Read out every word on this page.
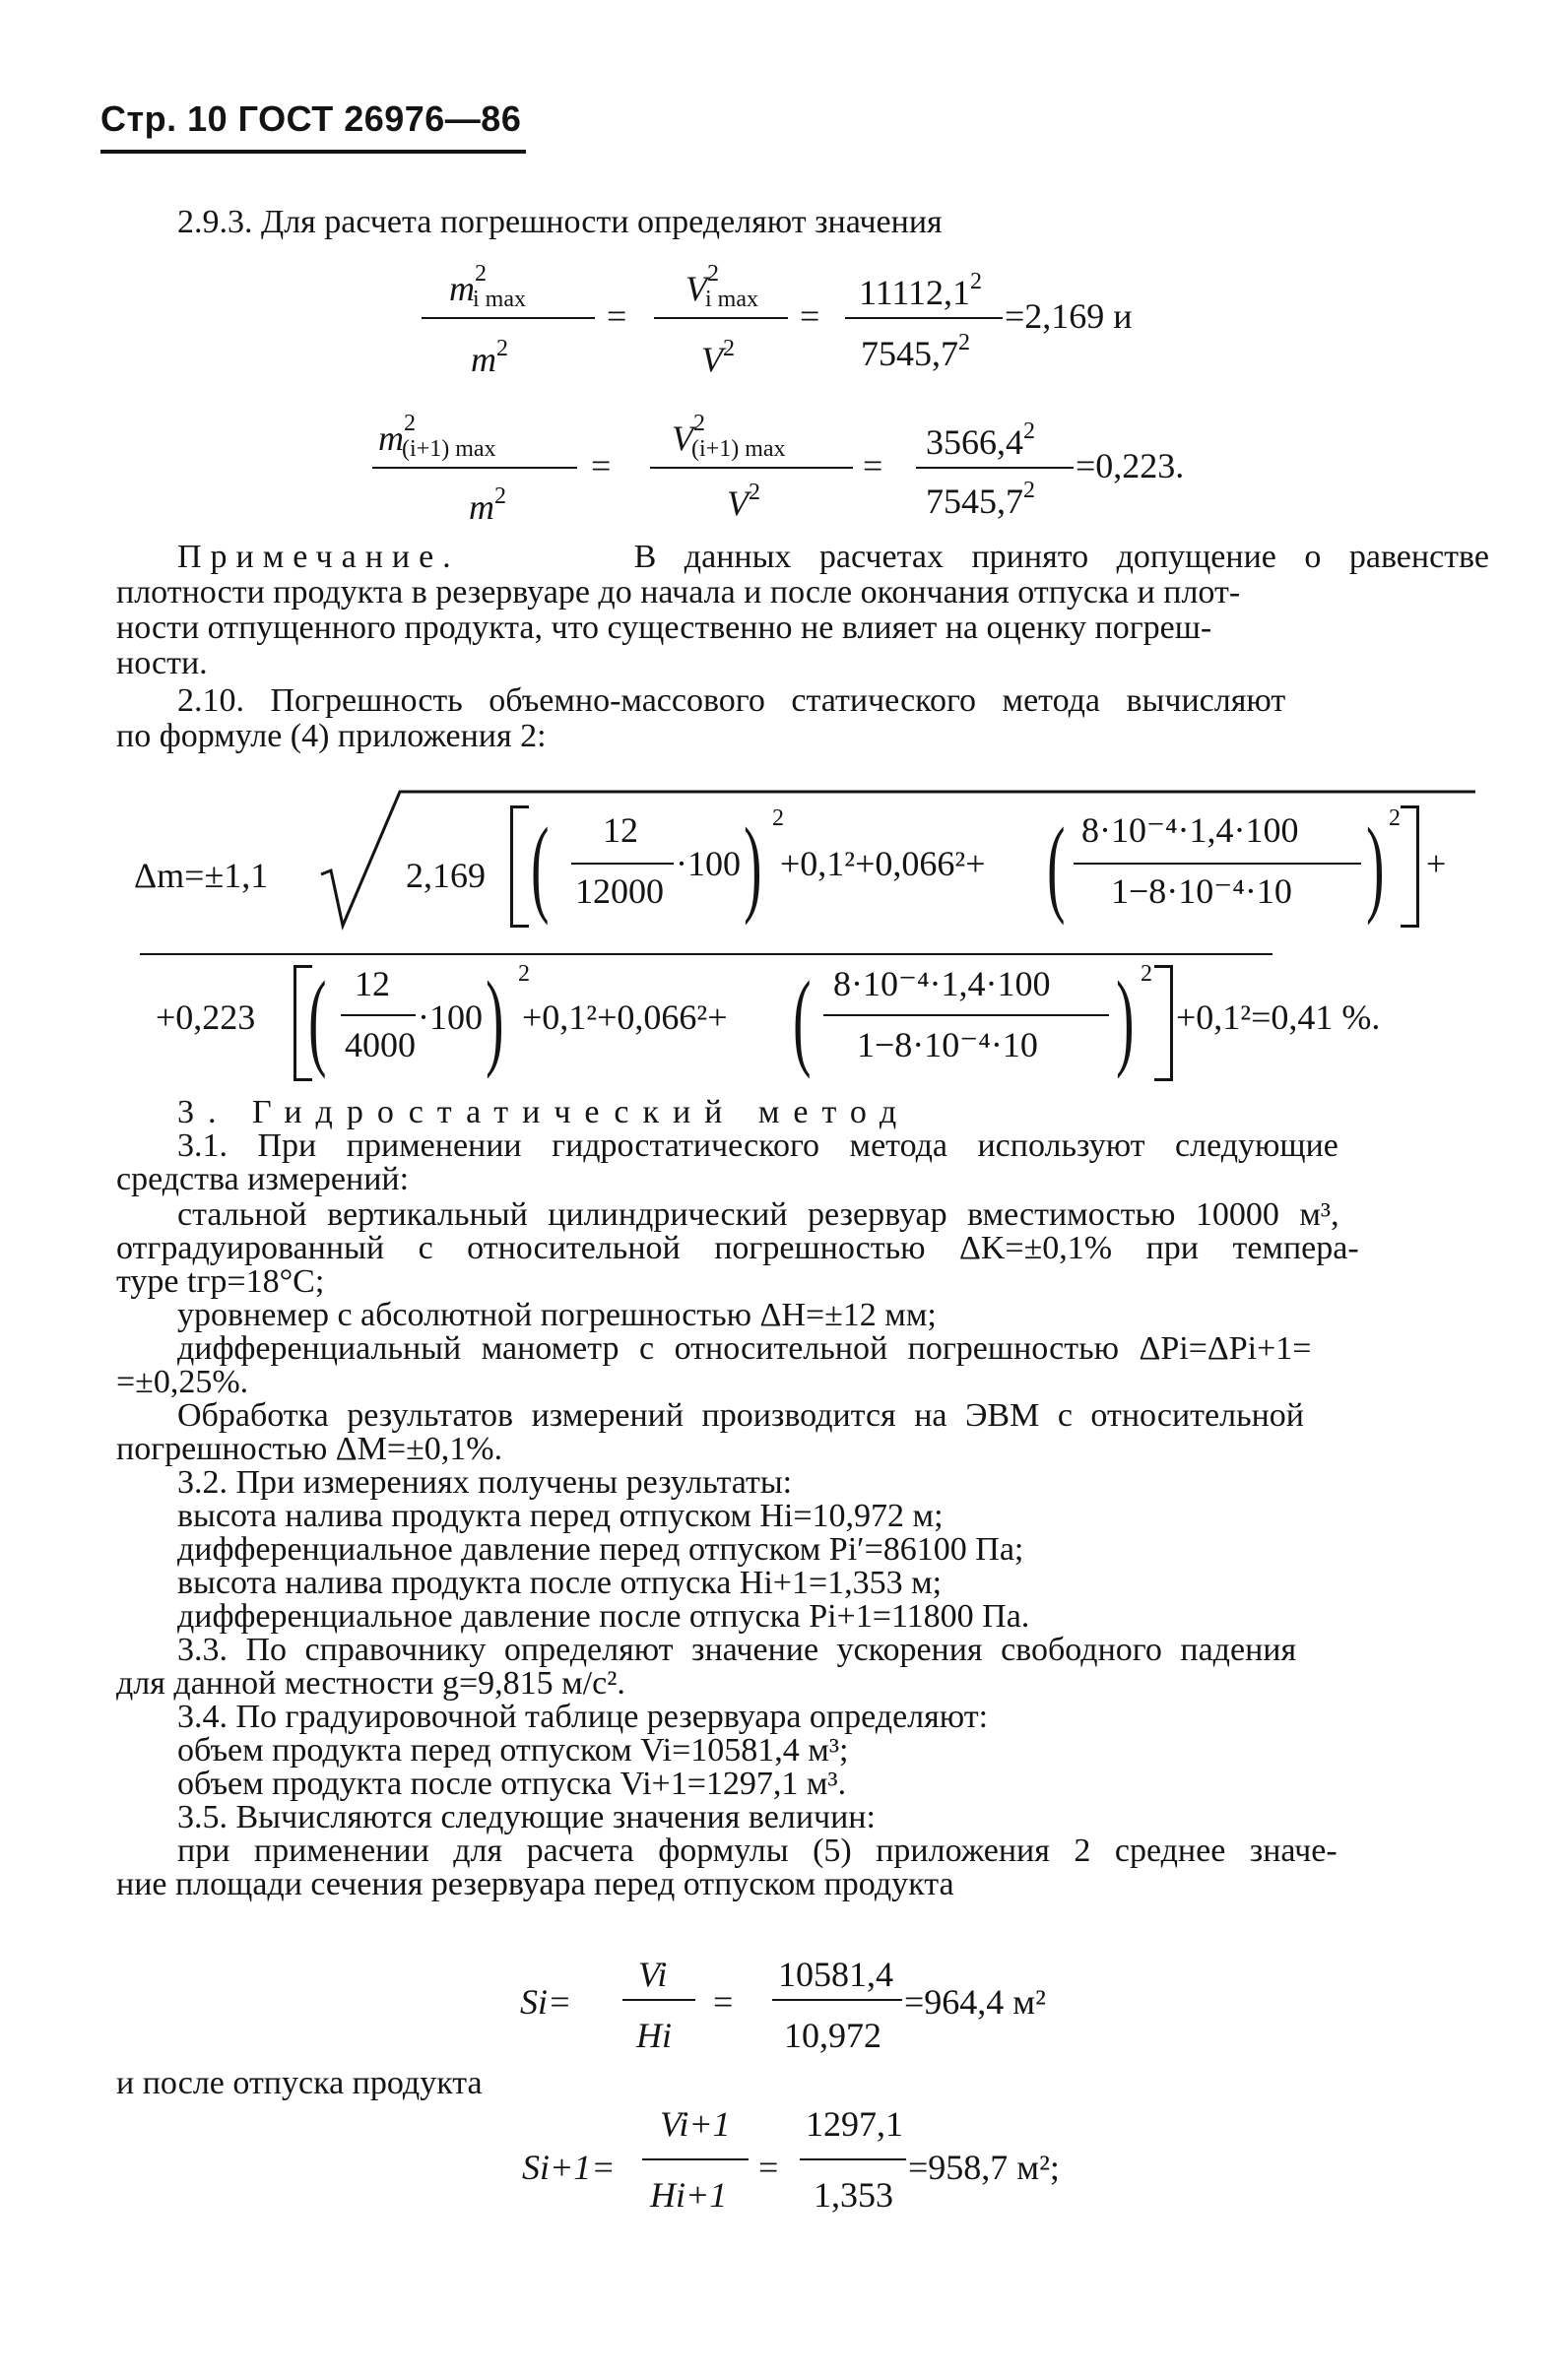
Стр. 10 ГОСТ 26976—86
2.9.3. Для расчета погрешности определяют значения
$m^2i$ max
$m^2$
=
$V^2i$ max
$V^2$
=
$11112,1^2$
$7545,7^2$
=2,169 и
$m^2(i+1)$ max
$m^2$
=
$V^2(i+1)$ max
$V^2$
=
$3566,4^2$
$7545,7^2$
=0,223.
Примечание.	В данных расчетах принято допущение о равенстве
плотности продукта в резервуаре до начала и после окончания отпуска и плот-
ности отпущенного продукта, что существенно не влияет на оценку погреш-
ности.
2.10. Погрешность объемно-массового статического метода вычисляют
по формуле (4) приложения 2:
Δm=±1,1	2,169 ( 12
12000
·100 ) 2
+0,1²+0,066²+ ( 8·10⁻⁴·1,4·100
1−8·10⁻⁴·10 ) 2
+
+0,223 ( 12
4000
·100 ) 2
+0,1²+0,066²+ ( 8·10⁻⁴·1,4·100
1−8·10⁻⁴·10 ) 2
+0,1²=0,41 %.
3. Гидростатический метод
3.1. При применении гидростатического метода используют следующие
средства измерений:
стальной вертикальный цилиндрический резервуар вместимостью 10000 м³,
отградуированный с относительной погрешностью ΔK=±0,1% при темпера-
туре tгр=18°С;
уровнемер с абсолютной погрешностью ΔH=±12 мм;
дифференциальный манометр с относительной погрешностью ΔPi=ΔPi+1=
=±0,25%.
Обработка результатов измерений производится на ЭВМ с относительной
погрешностью ΔM=±0,1%.
3.2. При измерениях получены результаты:
высота налива продукта перед отпуском Hi=10,972 м;
дифференциальное давление перед отпуском Pi′=86100 Па;
высота налива продукта после отпуска Hi+1=1,353 м;
дифференциальное давление после отпуска Pi+1=11800 Па.
3.3. По справочнику определяют значение ускорения свободного падения
для данной местности g=9,815 м/с².
3.4. По градуировочной таблице резервуара определяют:
объем продукта перед отпуском Vi=10581,4 м³;
объем продукта после отпуска Vi+1=1297,1 м³.
3.5. Вычисляются следующие значения величин:
при применении для расчета формулы (5) приложения 2 среднее значе-
ние площади сечения резервуара перед отпуском продукта
Si=
Vi
Hi
=
10581,4
10,972
=964,4 м²
и после отпуска продукта
Si+1=
Vi+1
Hi+1
=
1297,1
1,353
=958,7 м²;
